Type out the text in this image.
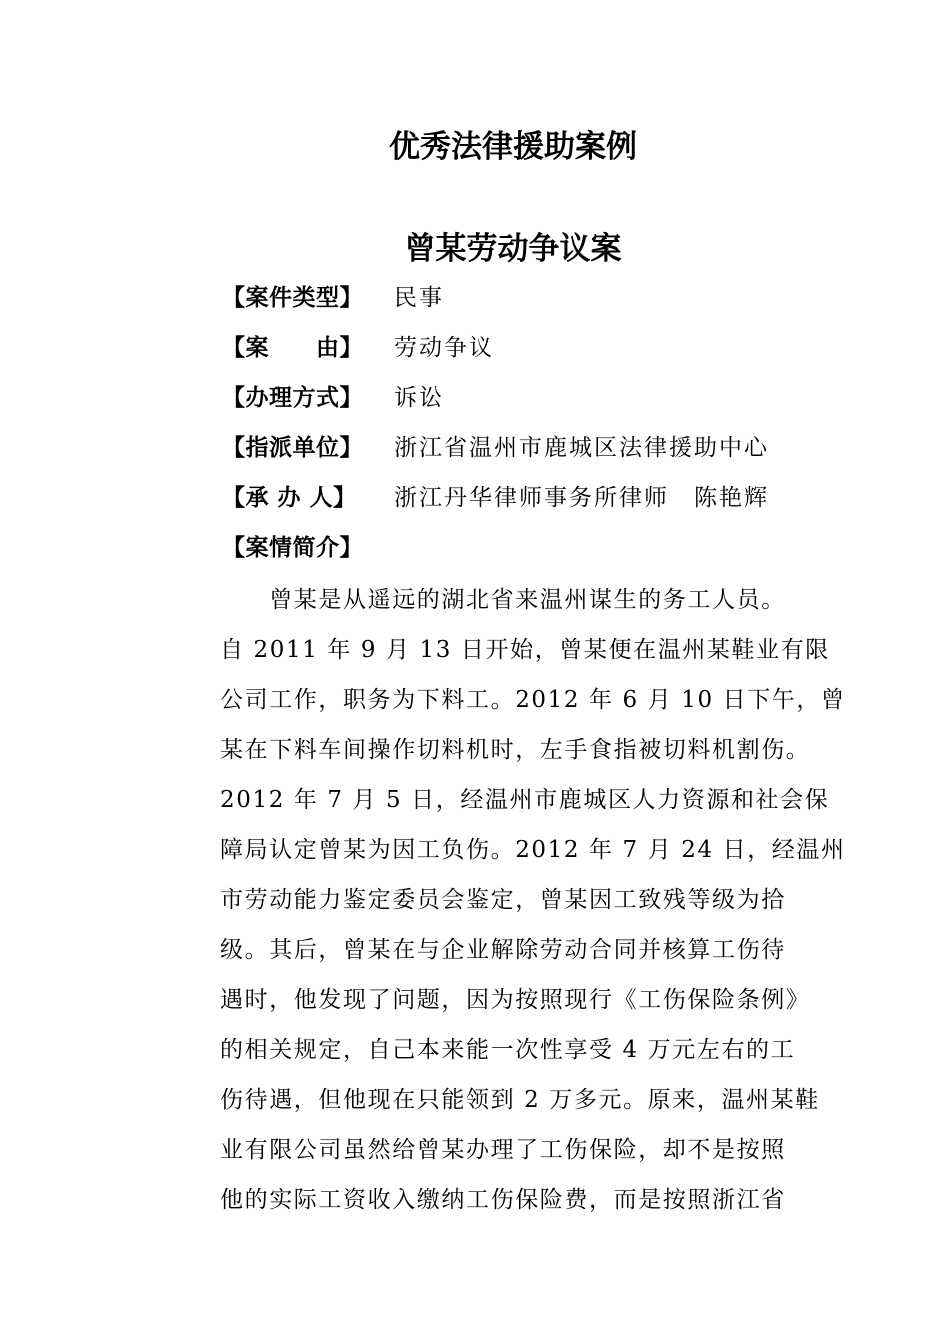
优秀法律援助案例
曾某劳动争议案
【案件类型】 民事
【案　　由】 劳动争议
【办理方式】 诉讼
【指派单位】 浙江省温州市鹿城区法律援助中心
【承 办 人】 浙江丹华律师事务所律师　陈艳辉
【案情简介】
　　曾某是从遥远的湖北省来温州谋生的务工人员。
自 2011 年 9 月 13 日开始，曾某便在温州某鞋业有限
公司工作，职务为下料工。2012 年 6 月 10 日下午，曾
某在下料车间操作切料机时，左手食指被切料机割伤。
2012 年 7 月 5 日，经温州市鹿城区人力资源和社会保
障局认定曾某为因工负伤。2012 年 7 月 24 日，经温州
市劳动能力鉴定委员会鉴定，曾某因工致残等级为拾
级。其后，曾某在与企业解除劳动合同并核算工伤待
遇时，他发现了问题，因为按照现行《工伤保险条例》
的相关规定，自己本来能一次性享受 4 万元左右的工
伤待遇，但他现在只能领到 2 万多元。原来，温州某鞋
业有限公司虽然给曾某办理了工伤保险，却不是按照
他的实际工资收入缴纳工伤保险费，而是按照浙江省
